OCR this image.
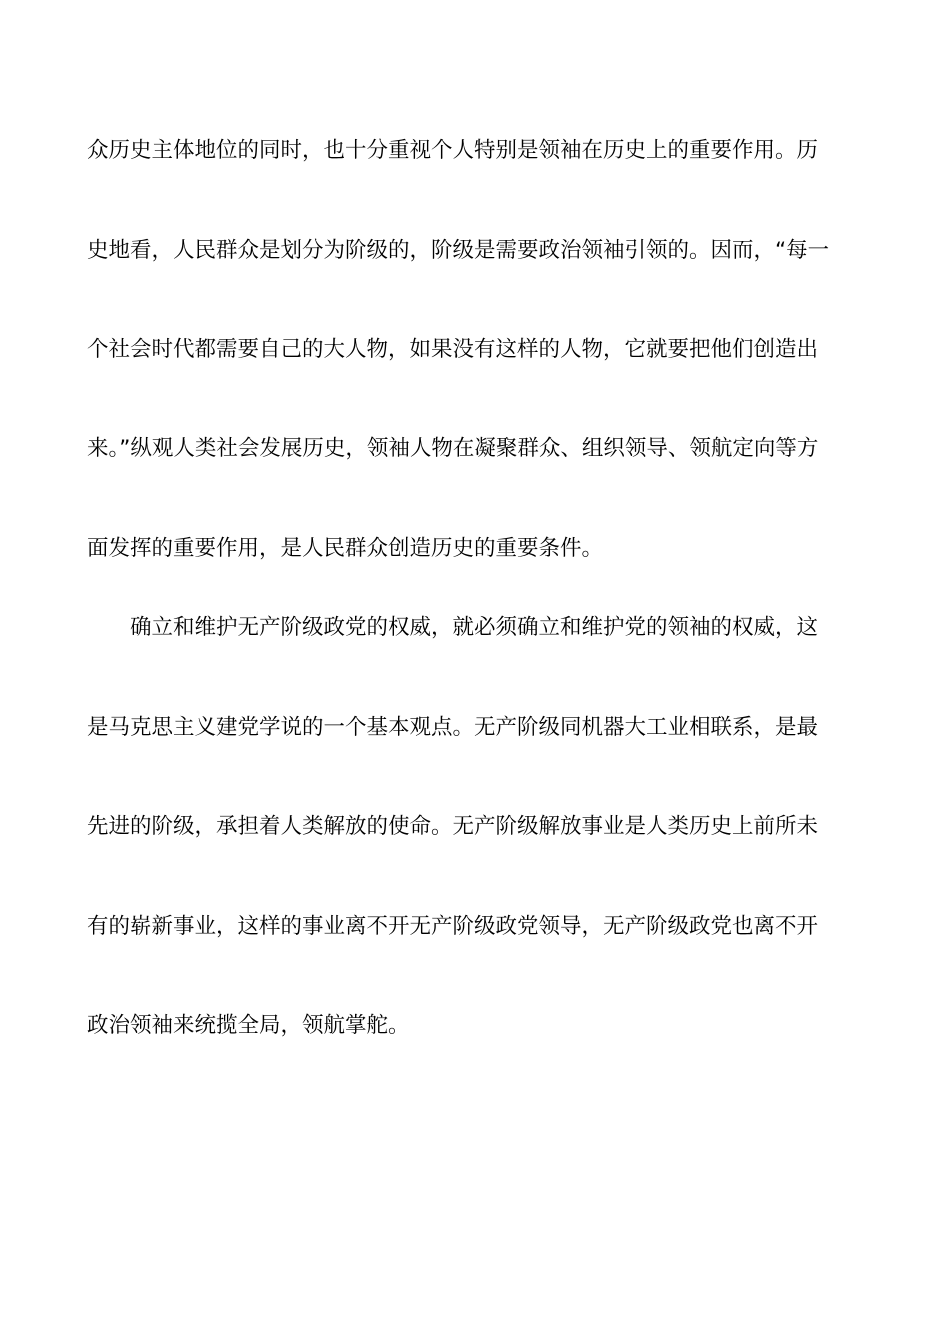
众历史主体地位的同时，也十分重视个人特别是领袖在历史上的重要作用。历
史地看，人民群众是划分为阶级的，阶级是需要政治领袖引领的。因而，“每一
个社会时代都需要自己的大人物，如果没有这样的人物，它就要把他们创造出
来。”纵观人类社会发展历史，领袖人物在凝聚群众、组织领导、领航定向等方
面发挥的重要作用，是人民群众创造历史的重要条件。
确立和维护无产阶级政党的权威，就必须确立和维护党的领袖的权威，这
是马克思主义建党学说的一个基本观点。无产阶级同机器大工业相联系，是最
先进的阶级，承担着人类解放的使命。无产阶级解放事业是人类历史上前所未
有的崭新事业，这样的事业离不开无产阶级政党领导，无产阶级政党也离不开
政治领袖来统揽全局，领航掌舵。
